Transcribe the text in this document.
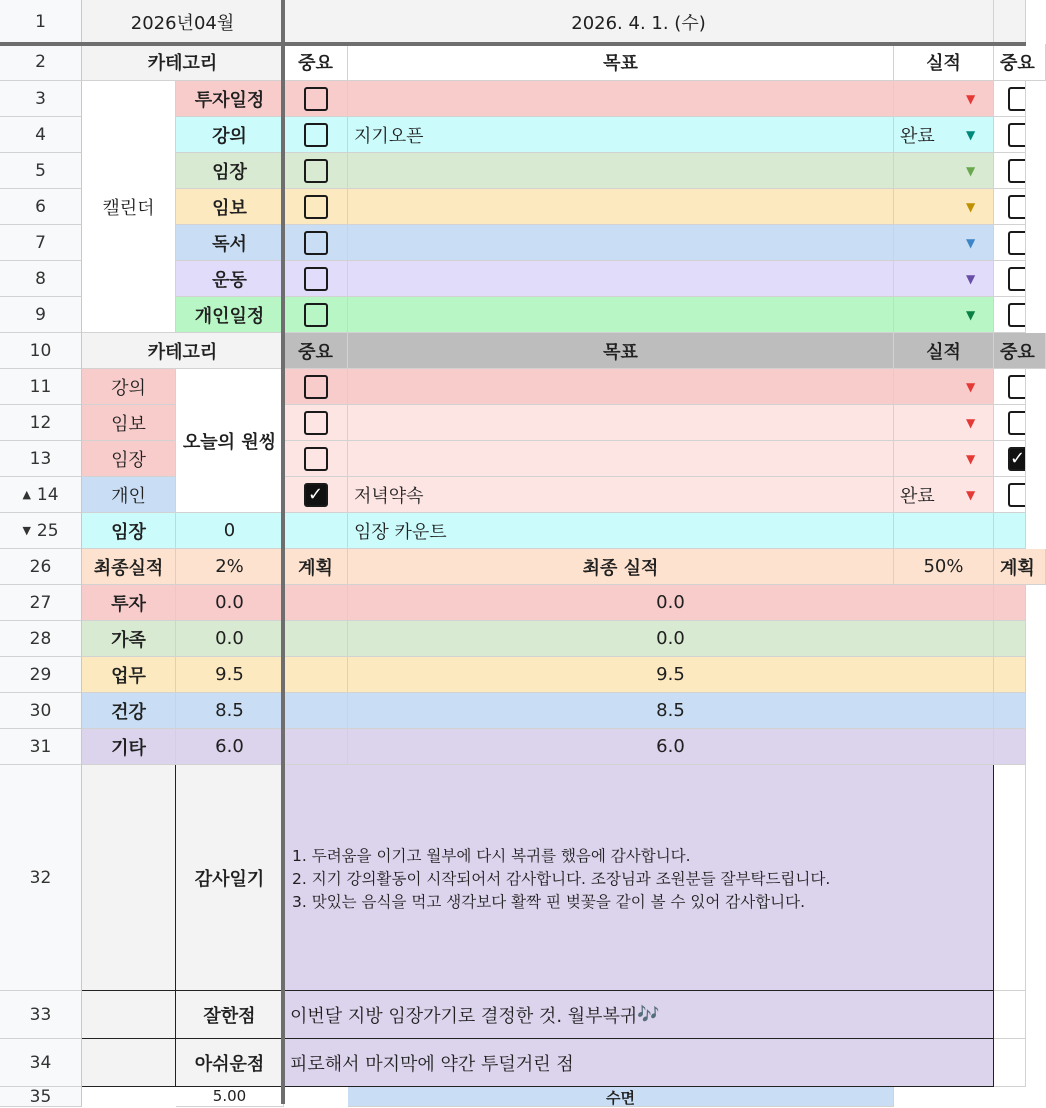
1
2
3
4
5
6
7
8
9
10
11
12
13
▲ 14
▼ 25
26
27
28
29
30
31
32
33
34
35
2026년04월	2026. 4. 1. (수)
카테고리	중요	목표	실적	중요
캘린더
투자일정	▼
강의	지기오픈	완료	▼
임장	▼
임보	▼
독서	▼
운동	▼
개인일정	▼
카테고리	중요	목표	실적	중요
오늘의 원씽
강의	▼
임보	▼
임장	▼
✓
개인
✓	저녁약속	완료	▼
임장	0	임장 카운트
최종실적	2%	계획	최종 실적	50%	계획
투자	0.0	0.0
가족	0.0	0.0
업무	9.5	9.5
건강	8.5	8.5
기타	6.0	6.0
감사일기
1. 두려움을 이기고 월부에 다시 복귀를 했음에 감사합니다.
2. 지기 강의활동이 시작되어서 감사합니다. 조장님과 조원분들 잘부탁드립니다.
3. 맛있는 음식을 먹고 생각보다 활짝 핀 벚꽃을 같이 볼 수 있어 감사합니다.
잘한점	이번달 지방 임장가기로 결정한 것. 월부복귀 🎶
아쉬운점	피로해서 마지막에 약간 투덜거린 점
5.00	수면
